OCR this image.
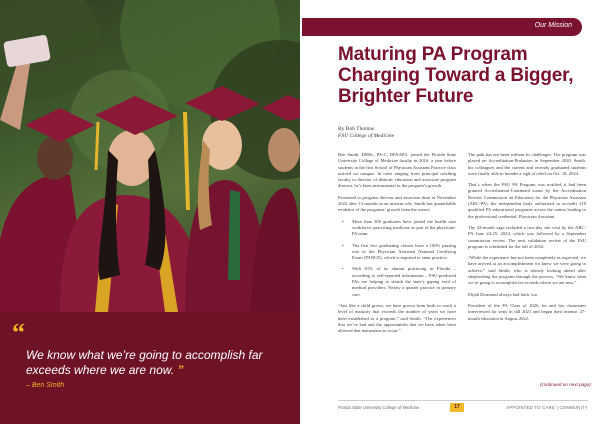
“
We know what we’re going to accomplish far exceeds where we are now. ”
– Ben Smith
Our Mission
Maturing PA Program Charging Toward a Bigger, Brighter Future
By Bob Thomas
FSU College of Medicine

Ben Smith, DMSc, PA-C, DFAAPA, joined the Florida State University College of Medicine faculty in 2016, a year before students in the first School of Physician Assistant Practice class arrived on campus. In roles ranging from principal teaching faculty to director of didactic education and associate program director, he’s been instrumental in the program’s growth.

Promoted to program director and associate dean in November 2022 after 13 months in an interim role, Smith has quantifiable evidence of the programs’ growth from the outset:

• More than 300 graduates have joined the health care workforce, practicing medicine as part of the physician-PA team.
• The first five graduating classes have a 100% passing rate of the Physician Assistant National Certifying Exam (PANCE), which is required to enter practice.
• With 81% of its alumni practicing in Florida – according to self-reported information – FSU-produced PAs are helping to shrink the state’s gaping void of medical providers. Nearly a quarter practice in primary care.

“Just like a child grows, we have grown from birth to reach a level of maturity that exceeds the number of years we have been established as a program,” said Smith. “The experiences that we’ve had and the opportunities that we have taken have allowed that maturation to occur.”

The path has not been without its challenges. The program was placed on Accreditation-Probation in September 2020. Smith, his colleagues and the current and recently graduated students were finally able to breathe a sigh of relief on Oct. 18, 2024.

That’s when the FSU PA Program was notified it had been granted Accreditation-Continued status by the Accreditation Review Commission on Education for the Physician Assistant (ARC-PA), the independent body authorized to accredit 310 qualified PA educational programs across the nation leading to the professional credential, Physician Assistant.

The 43-month saga included a two-day site visit by the ARC-PA June 24-25, 2024, which was followed by a September commission review. The next validation review of the FSU program is scheduled for the fall of 2032.

“While the experience has not been completely as expected, we have arrived at an accomplishment we knew we were going to achieve,” said Smith, who is already looking ahead after shepherding the program through the process. “We know what we’re going to accomplish far exceeds where we are now.”

Elijah Dormond always had faith, too.

President of the PA Class of 2026, he and his classmates interviewed for seats in fall 2021 and began their intense, 27-month education in August 2022.

(continued on next page)
Florida State University College of Medicine	17	APPOINTED TO CARE | COMMUNITY
